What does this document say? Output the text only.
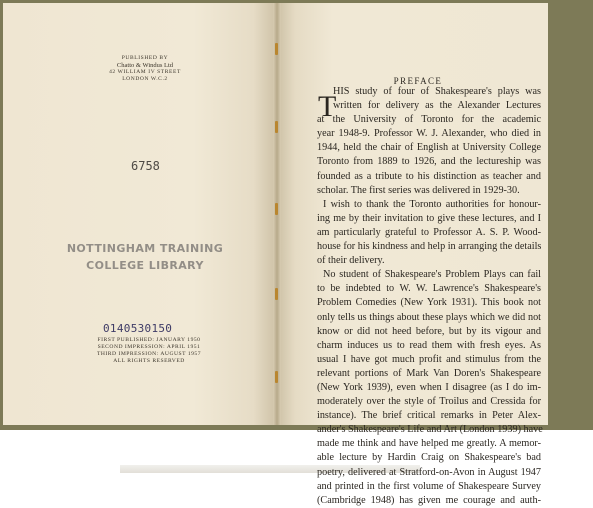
PUBLISHED BY
Chatto & Windus Ltd
42 WILLIAM IV STREET
LONDON W.C.2
6758
NOTTINGHAM TRAINING
COLLEGE LIBRARY
0140530150
FIRST PUBLISHED: JANUARY 1950
SECOND IMPRESSION: APRIL 1951
THIRD IMPRESSION: AUGUST 1957
ALL RIGHTS RESERVED
PREFACE
T
HIS study of four of Shakespeare's plays was
written for delivery as the Alexander Lectures
at the University of Toronto for the academic
year 1948-9. Professor W. J. Alexander, who died in
1944, held the chair of English at University College
Toronto from 1889 to 1926, and the lectureship was
founded as a tribute to his distinction as teacher and
scholar. The first series was delivered in 1929-30.
I wish to thank the Toronto authorities for honour-
ing me by their invitation to give these lectures, and I
am particularly grateful to Professor A. S. P. Wood-
house for his kindness and help in arranging the details
of their delivery.
No student of Shakespeare's Problem Plays can fail
to be indebted to W. W. Lawrence's Shakespeare's
Problem Comedies (New York 1931). This book not
only tells us things about these plays which we did not
know or did not heed before, but by its vigour and
charm induces us to read them with fresh eyes. As
usual I have got much profit and stimulus from the
relevant portions of Mark Van Doren's Shakespeare
(New York 1939), even when I disagree (as I do im-
moderately over the style of Troilus and Cressida for
instance). The brief critical remarks in Peter Alex-
ander's Shakespeare's Life and Art (London 1939) have
made me think and have helped me greatly. A memor-
able lecture by Hardin Craig on Shakespeare's bad
poetry, delivered at Stratford-on-Avon in August 1947
and printed in the first volume of Shakespeare Survey
(Cambridge 1948) has given me courage and auth-
